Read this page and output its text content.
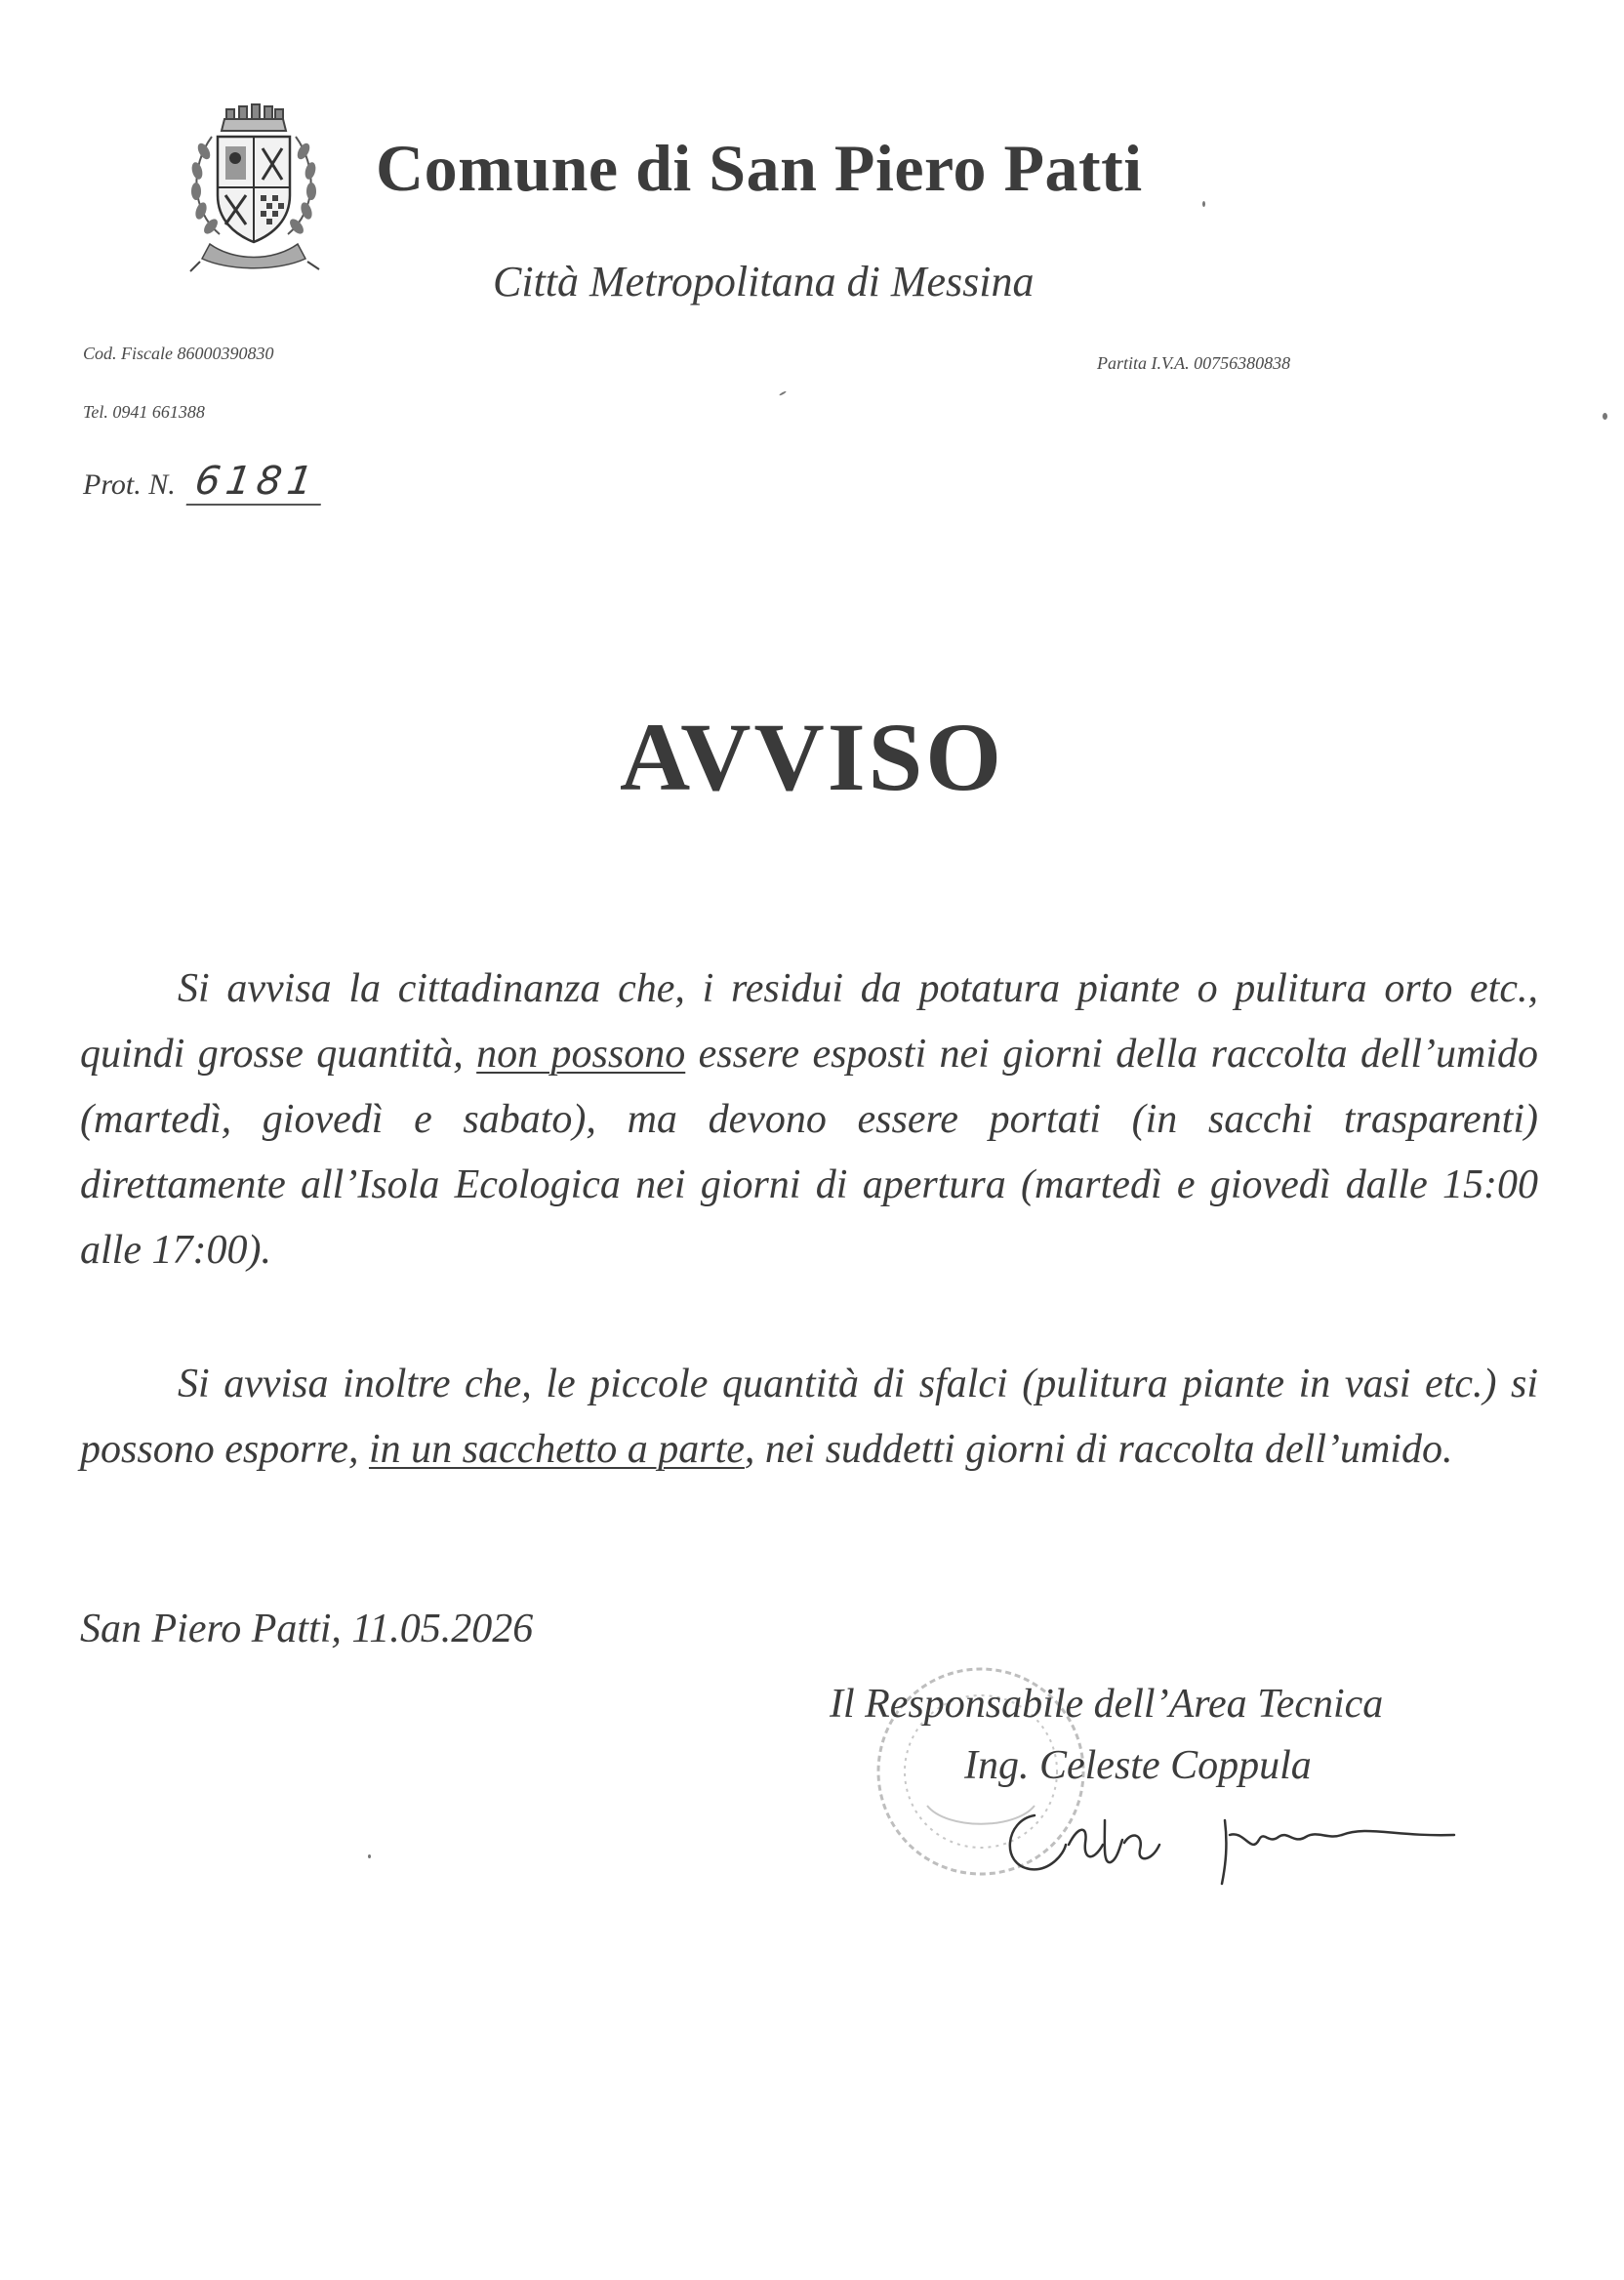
Comune di San Piero Patti
Città Metropolitana di Messina
Cod. Fiscale 86000390830	Partita I.V.A. 00756380838
Tel. 0941 661388
Prot. N. 6181
AVVISO
Si avvisa la cittadinanza che, i residui da potatura piante o pulitura orto etc., quindi grosse quantità, non possono essere esposti nei giorni della raccolta dell’umido (martedì, giovedì e sabato), ma devono essere portati (in sacchi trasparenti) direttamente all’Isola Ecologica nei giorni di apertura (martedì e giovedì dalle 15:00 alle 17:00).
Si avvisa inoltre che, le piccole quantità di sfalci (pulitura piante in vasi etc.) si possono esporre, in un sacchetto a parte, nei suddetti giorni di raccolta dell’umido.
San Piero Patti, 11.05.2026
Il Responsabile dell’Area Tecnica
Ing. Celeste Coppula
